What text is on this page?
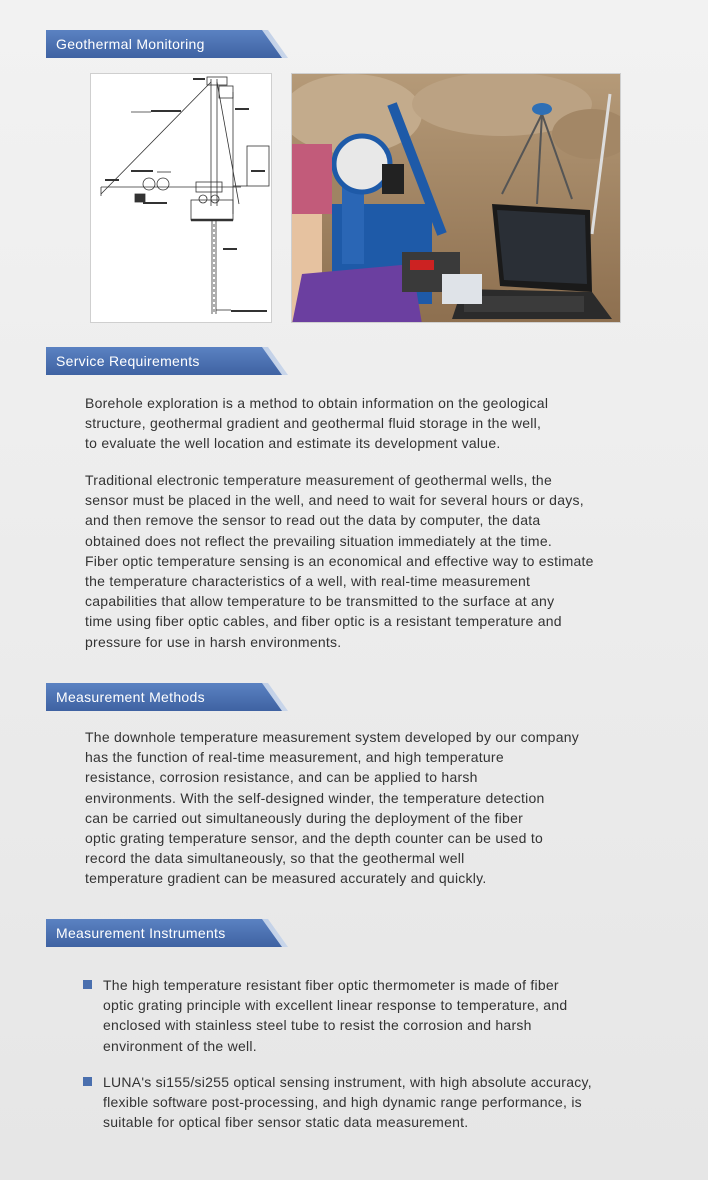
Geothermal Monitoring
Service Requirements
Borehole exploration is a method to obtain information on the geological
structure, geothermal gradient and geothermal fluid storage in the well,
to evaluate the well location and estimate its development value.
Traditional electronic temperature measurement of geothermal wells, the
sensor must be placed in the well, and need to wait for several hours or days,
and then remove the sensor to read out the data by computer, the data
obtained does not reflect the prevailing situation immediately at the time.
Fiber optic temperature sensing is an economical and effective way to estimate
the temperature characteristics of a well, with real-time measurement
capabilities that allow temperature to be transmitted to the surface at any
time using fiber optic cables, and fiber optic is a resistant temperature and
pressure for use in harsh environments.
Measurement Methods
The downhole temperature measurement system developed by our company
has the function of real-time measurement, and high temperature
resistance, corrosion resistance, and can be applied to harsh
environments. With the self-designed winder, the temperature detection
can be carried out simultaneously during the deployment of the fiber
optic grating temperature sensor, and the depth counter can be used to
record the data simultaneously, so that the geothermal well
temperature gradient can be measured accurately and quickly.
Measurement Instruments
The high temperature resistant fiber optic thermometer is made of fiber
optic grating principle with excellent linear response to temperature, and
enclosed with stainless steel tube to resist the corrosion and harsh
environment of the well.
LUNA's si155/si255 optical sensing instrument, with high absolute accuracy,
flexible software post-processing, and high dynamic range performance, is
suitable for optical fiber sensor static data measurement.
